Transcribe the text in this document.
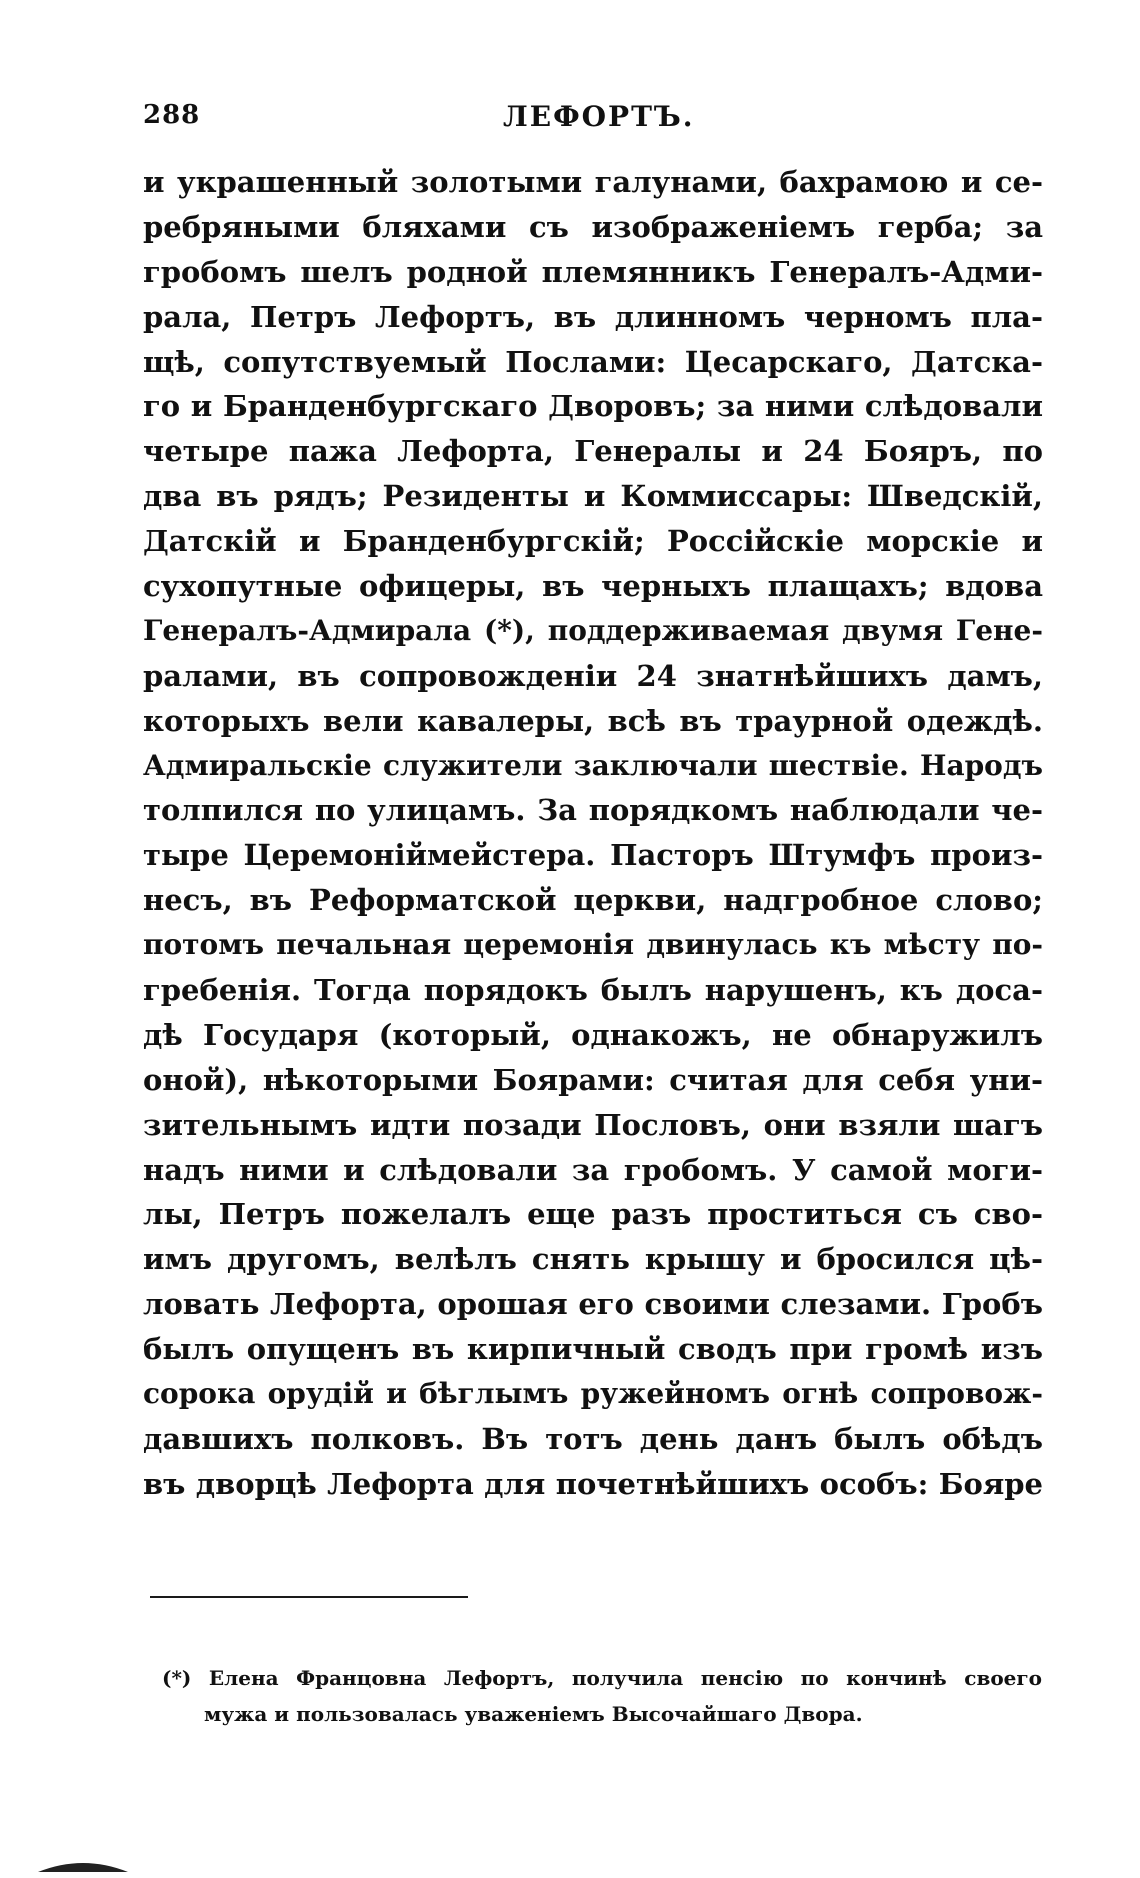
288	ЛЕФОРТЪ.
и украшенный золотыми галунами, бахрамою и се-
ребряными бляхами съ изображенiемъ герба; за
гробомъ шелъ родной племянникъ Генералъ-Адми-
рала, Петръ Лефортъ, въ длинномъ черномъ пла-
щѣ, сопутствуемый Послами: Цесарскаго, Датска-
го и Бранденбургскаго Дворовъ; за ними слѣдовали
четыре пажа Лефорта, Генералы и 24 Бояръ, по
два въ рядъ; Резиденты и Коммиссары: Шведскiй,
Датскiй и Бранденбургскiй; Россiйскiе морскiе и
сухопутные офицеры, въ черныхъ плащахъ; вдова
Генералъ-Адмирала (*), поддерживаемая двумя Гене-
ралами, въ сопровожденiи 24 знатнѣйшихъ дамъ,
которыхъ вели кавалеры, всѣ въ траурной одеждѣ.
Адмиральскiе служители заключали шествiе. Народъ
толпился по улицамъ. За порядкомъ наблюдали че-
тыре Церемонiймейстера. Пасторъ Штумфъ произ-
несъ, въ Реформатской церкви, надгробное слово;
потомъ печальная церемонiя двинулась къ мѣсту по-
гребенiя. Тогда порядокъ былъ нарушенъ, къ доса-
дѣ Государя (который, однакожъ, не обнаружилъ
оной), нѣкоторыми Боярами: считая для себя уни-
зительнымъ идти позади Пословъ, они взяли шагъ
надъ ними и слѣдовали за гробомъ. У самой моги-
лы, Петръ пожелалъ еще разъ проститься съ сво-
имъ другомъ, велѣлъ снять крышу и бросился цѣ-
ловать Лефорта, орошая его своими слезами. Гробъ
былъ опущенъ въ кирпичный сводъ при громѣ изъ
сорока орудiй и бѣглымъ ружейномъ огнѣ сопровож-
давшихъ полковъ. Въ тотъ день данъ былъ обѣдъ
въ дворцѣ Лефорта для почетнѣйшихъ особъ: Бояре
(*) Елена Францовна Лефортъ, получила пенсiю по кончинѣ своего
мужа и пользовалась уваженiемъ Высочайшаго Двора.
